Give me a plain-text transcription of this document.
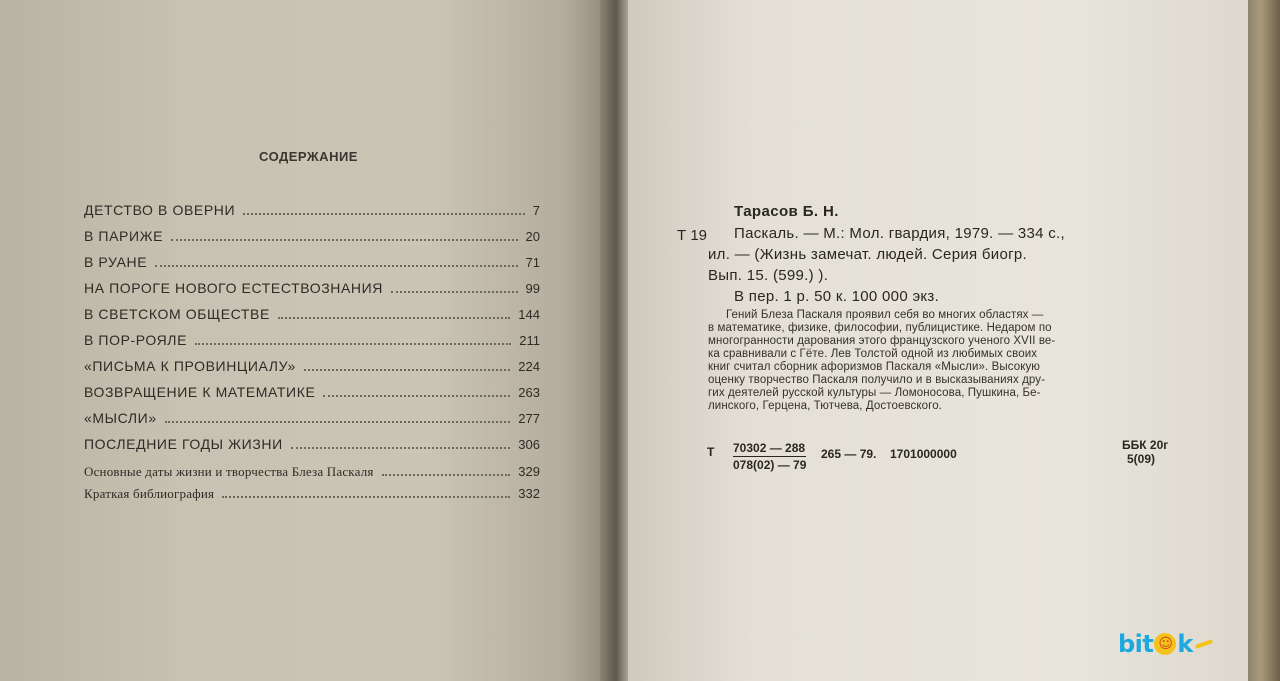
СОДЕРЖАНИЕ
ДЕТСТВО В ОВЕРНИ	7
В ПАРИЖЕ	20
В РУАНЕ	71
НА ПОРОГЕ НОВОГО ЕСТЕСТВОЗНАНИЯ	99
В СВЕТСКОМ ОБЩЕСТВЕ	144
В ПОР-РОЯЛЕ	211
«ПИСЬМА К ПРОВИНЦИАЛУ»	224
ВОЗВРАЩЕНИЕ К МАТЕМАТИКЕ	263
«МЫСЛИ»	277
ПОСЛЕДНИЕ ГОДЫ ЖИЗНИ	306
Основные даты жизни и творчества Блеза Паскаля	329
Краткая библиография	332
Т 19
Тарасов Б. Н.
Паскаль. — М.: Мол. гвардия, 1979. — 334 с.,
ил. — (Жизнь замечат. людей. Серия биогр.
Вып. 15. (599.) ).
В пер. 1 р. 50 к. 100 000 экз.
Гений Блеза Паскаля проявил себя во многих областях —
в математике, физике, философии, публицистике. Недаром по
многогранности дарования этого французского ученого XVII ве-
ка сравнивали с Гёте. Лев Толстой одной из любимых своих
книг считал сборник афоризмов Паскаля «Мысли». Высокую
оценку творчество Паскаля получило и в высказываниях дру-
гих деятелей русской культуры — Ломоносова, Пушкина, Бе-
линского, Герцена, Тютчева, Достоевского.
Т $\frac{70302 — 288}{078(02) — 79} 265$ — 79. 1701000000
ББК 20г
5(09)
bit ☺ k
